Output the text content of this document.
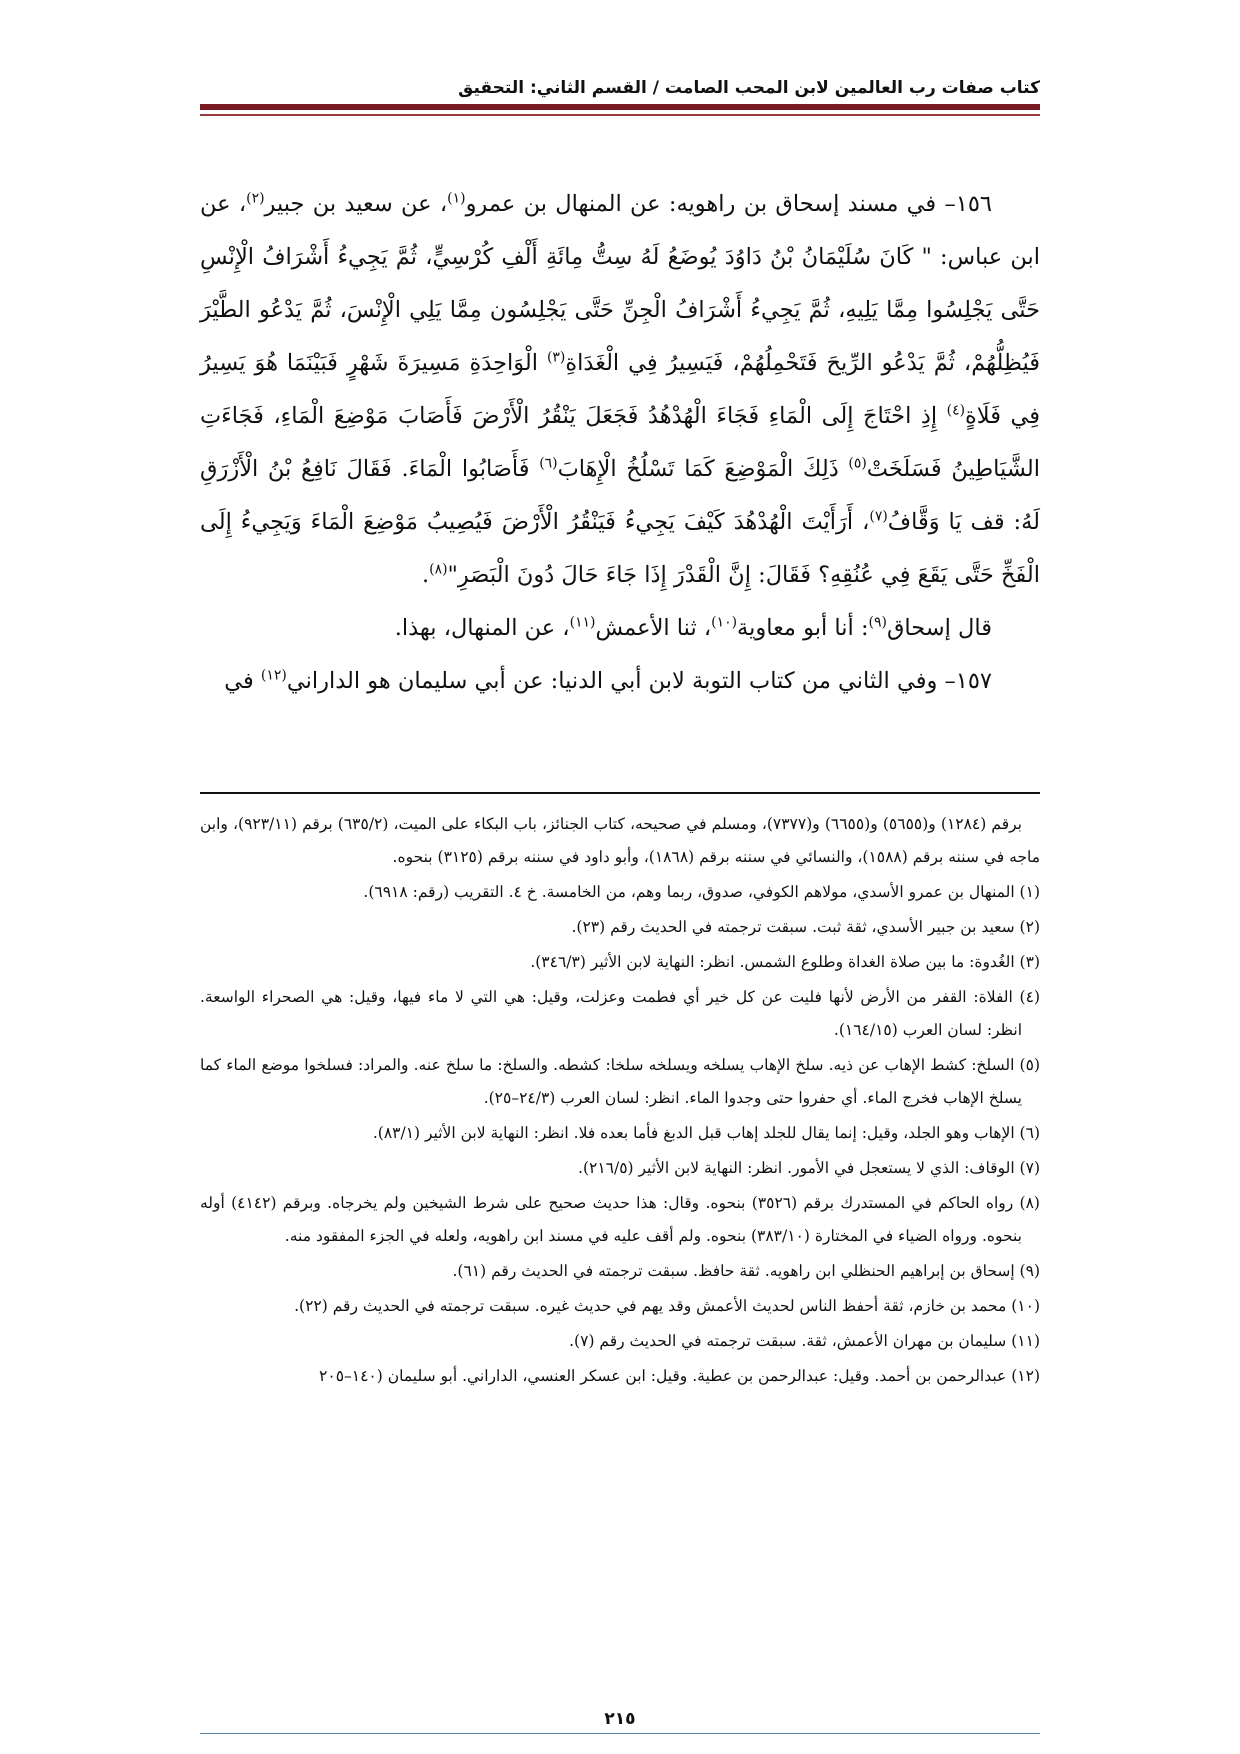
كتاب صفات رب العالمين لابن المحب الصامت / القسم الثاني: التحقيق

١٥٦– في مسند إسحاق بن راهويه: عن المنهال بن عمرو$^{(١)}$، عن سعيد بن جبير$^{(٢)}$، عن ابن عباس: " كَانَ سُلَيْمَانُ بْنُ دَاوُدَ يُوضَعُ لَهُ سِتُّ مِائَةِ أَلْفِ كُرْسِيٍّ، ثُمَّ يَجِيءُ أَشْرَافُ الْإِنْسِ حَتَّى يَجْلِسُوا مِمَّا يَلِيهِ، ثُمَّ يَجِيءُ أَشْرَافُ الْجِنِّ حَتَّى يَجْلِسُون مِمَّا يَلِي الْإِنْسَ، ثُمَّ يَدْعُو الطَّيْرَ فَيُظِلُّهُمْ، ثُمَّ يَدْعُو الرِّيحَ فَتَحْمِلُهُمْ، فَيَسِيرُ فِي الْغَدَاةِ$^{(٣)}$ الْوَاحِدَةِ مَسِيرَةَ شَهْرٍ فَبَيْنَمَا هُوَ يَسِيرُ فِي فَلَاةٍ$^{(٤)}$ إِذِ احْتَاجَ إِلَى الْمَاءِ فَجَاءَ الْهُدْهُدُ فَجَعَلَ يَنْقُرُ الْأَرْضَ فَأَصَابَ مَوْضِعَ الْمَاءِ، فَجَاءَتِ الشَّيَاطِينُ فَسَلَخَتْ$^{(٥)}$ ذَلِكَ الْمَوْضِعَ كَمَا تَسْلُخُ الْإِهَابَ$^{(٦)}$ فَأَصَابُوا الْمَاءَ. فَقَالَ نَافِعُ بْنُ الْأَزْرَقِ لَهُ: قف يَا وَقَّافُ$^{(٧)}$، أَرَأَيْتَ الْهُدْهُدَ كَيْفَ يَجِيءُ فَيَنْقُرُ الْأَرْضَ فَيُصِيبُ مَوْضِعَ الْمَاءَ وَيَجِيءُ إِلَى الْفَخِّ حَتَّى يَقَعَ فِي عُنُقِهِ؟ فَقَالَ: إِنَّ الْقَدْرَ إِذَا جَاءَ حَالَ دُونَ الْبَصَرِ"$^{(٨)}$.

قال إسحاق$^{(٩)}$: أنا أبو معاوية$^{(١٠)}$، ثنا الأعمش$^{(١١)}$، عن المنهال، بهذا.

١٥٧– وفي الثاني من كتاب التوبة لابن أبي الدنيا: عن أبي سليمان هو الداراني$^{(١٢)}$ في

برقم (١٢٨٤) و(٥٦٥٥) و(٦٦٥٥) و(٧٣٧٧)، ومسلم في صحيحه، كتاب الجنائز، باب البكاء على الميت، (٦٣٥/٢) برقم (٩٢٣/١١)، وابن ماجه في سننه برقم (١٥٨٨)، والنسائي في سننه برقم (١٨٦٨)، وأبو داود في سننه برقم (٣١٢٥) بنحوه.

(١) المنهال بن عمرو الأسدي، مولاهم الكوفي، صدوق، ربما وهم، من الخامسة. خ ٤. التقريب (رقم: ٦٩١٨).

(٢) سعيد بن جبير الأسدي، ثقة ثبت. سبقت ترجمته في الحديث رقم (٢٣).

(٣) الغُدوة: ما بين صلاة الغداة وطلوع الشمس. انظر: النهاية لابن الأثير (٣٤٦/٣).

(٤) الفلاة: القفر من الأرض لأنها فليت عن كل خير أي فطمت وعزلت، وقيل: هي التي لا ماء فيها، وقيل: هي الصحراء الواسعة. انظر: لسان العرب (١٦٤/١٥).

(٥) السلخ: كشط الإهاب عن ذيه. سلخ الإهاب يسلخه ويسلخه سلخا: كشطه. والسلخ: ما سلخ عنه. والمراد: فسلخوا موضع الماء كما يسلخ الإهاب فخرج الماء. أي حفروا حتى وجدوا الماء. انظر: لسان العرب (٢٤/٣–٢٥).

(٦) الإهاب وهو الجلد، وقيل: إنما يقال للجلد إهاب قبل الدبغ فأما بعده فلا. انظر: النهاية لابن الأثير (٨٣/١).

(٧) الوقاف: الذي لا يستعجل في الأمور. انظر: النهاية لابن الأثير (٢١٦/٥).

(٨) رواه الحاكم في المستدرك برقم (٣٥٢٦) بنحوه. وقال: هذا حديث صحيح على شرط الشيخين ولم يخرجاه. وبرقم (٤١٤٢) أوله بنحوه. ورواه الضياء في المختارة (٣٨٣/١٠) بنحوه. ولم أقف عليه في مسند ابن راهويه، ولعله في الجزء المفقود منه.

(٩) إسحاق بن إبراهيم الحنظلي ابن راهويه. ثقة حافظ. سبقت ترجمته في الحديث رقم (٦١).

(١٠) محمد بن خازم، ثقة أحفظ الناس لحديث الأعمش وقد يهم في حديث غيره. سبقت ترجمته في الحديث رقم (٢٢).

(١١) سليمان بن مهران الأعمش، ثقة. سبقت ترجمته في الحديث رقم (٧).

(١٢) عبدالرحمن بن أحمد. وقيل: عبدالرحمن بن عطية. وقيل: ابن عسكر العنسي، الداراني. أبو سليمان (١٤٠–٢٠٥

٢١٥
